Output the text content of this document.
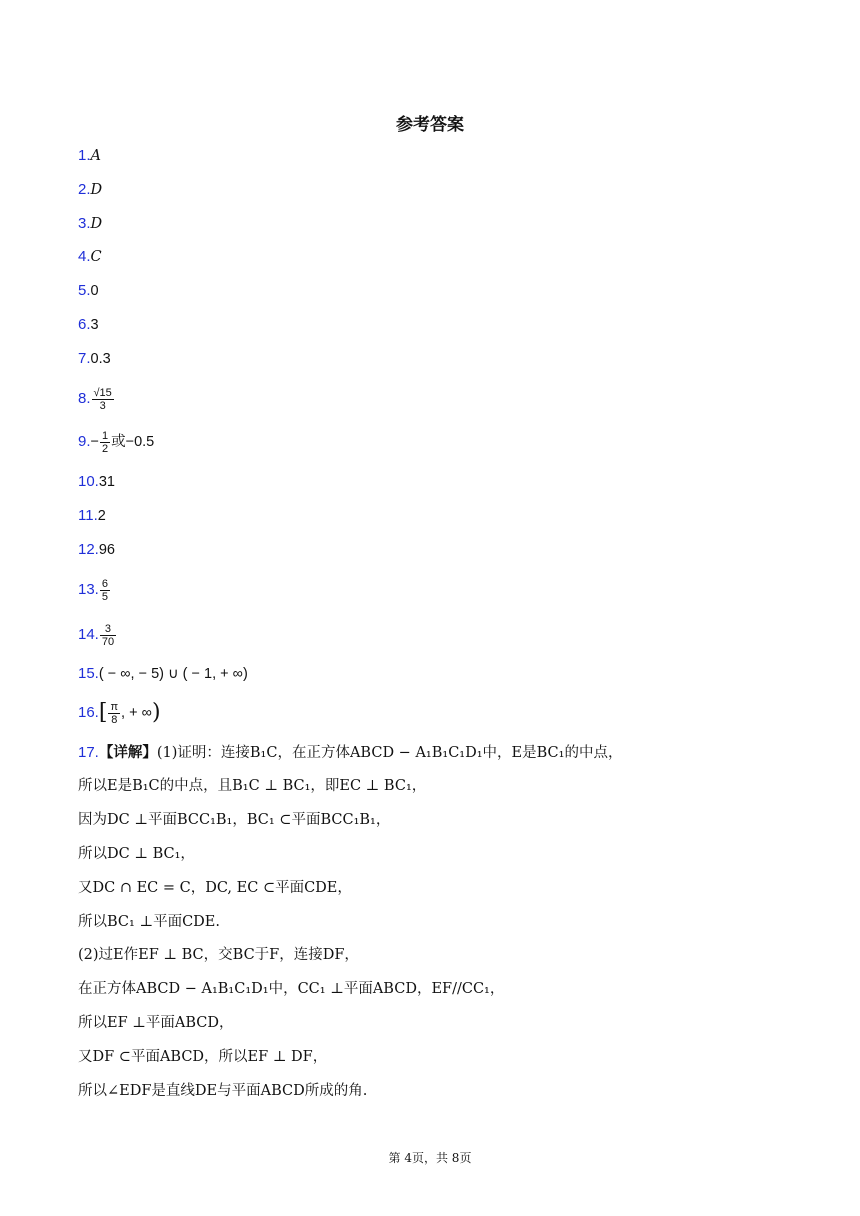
参考答案
1.A
2.D
3.D
4.C
5.0
6.3
7.0.3
8. $\frac{√15}{3}$
$9.- \frac{1}{2}$ 或−0.5
10.31
11.2
12.96
13. $\frac{6}{5}$
14. $\frac{3}{70}$
15.( − ∞, − 5) ∪ ( − 1, + ∞)
$16.[ \frac{\pi}{8}$ , + ∞)
17.【详解】(1)证明：连接B₁C，在正方体ABCD − A₁B₁C₁D₁中，E是BC₁的中点，
所以E是B₁C的中点，且B₁C ⊥ BC₁，即EC ⊥ BC₁，
因为DC ⊥平面BCC₁B₁，BC₁ ⊂平面BCC₁B₁，
所以DC ⊥ BC₁，
又DC ∩ EC = C，DC, EC ⊂平面CDE，
所以BC₁ ⊥平面CDE.
(2)过E作EF ⊥ BC，交BC于F，连接DF，
在正方体ABCD − A₁B₁C₁D₁中，CC₁ ⊥平面ABCD，EF//CC₁，
所以EF ⊥平面ABCD，
又DF ⊂平面ABCD，所以EF ⊥ DF，
所以∠EDF是直线DE与平面ABCD所成的角.
第 4页，共 8页
